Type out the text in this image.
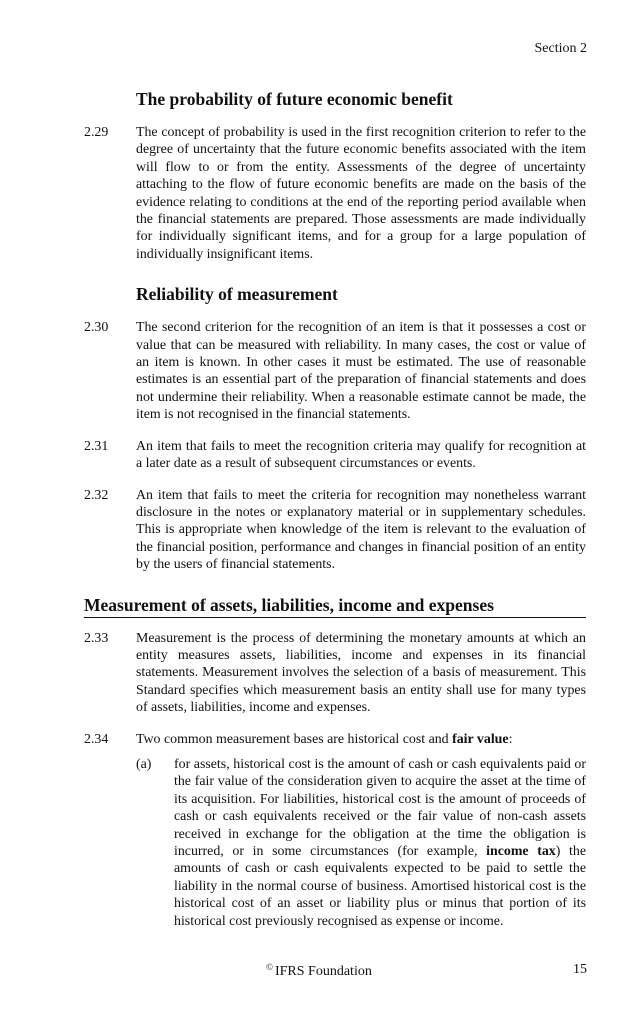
Section 2
The probability of future economic benefit

2.29 The concept of probability is used in the first recognition criterion to refer to the degree of uncertainty that the future economic benefits associated with the item will flow to or from the entity. Assessments of the degree of uncertainty attaching to the flow of future economic benefits are made on the basis of the evidence relating to conditions at the end of the reporting period available when the financial statements are prepared. Those assessments are made individually for individually significant items, and for a group for a large population of individually insignificant items.

Reliability of measurement

2.30 The second criterion for the recognition of an item is that it possesses a cost or value that can be measured with reliability. In many cases, the cost or value of an item is known. In other cases it must be estimated. The use of reasonable estimates is an essential part of the preparation of financial statements and does not undermine their reliability. When a reasonable estimate cannot be made, the item is not recognised in the financial statements.

2.31 An item that fails to meet the recognition criteria may qualify for recognition at a later date as a result of subsequent circumstances or events.

2.32 An item that fails to meet the criteria for recognition may nonetheless warrant disclosure in the notes or explanatory material or in supplementary schedules. This is appropriate when knowledge of the item is relevant to the evaluation of the financial position, performance and changes in financial position of an entity by the users of financial statements.

Measurement of assets, liabilities, income and expenses

2.33 Measurement is the process of determining the monetary amounts at which an entity measures assets, liabilities, income and expenses in its financial statements. Measurement involves the selection of a basis of measurement. This Standard specifies which measurement basis an entity shall use for many types of assets, liabilities, income and expenses.

2.34 Two common measurement bases are historical cost and fair value:

(a) for assets, historical cost is the amount of cash or cash equivalents paid or the fair value of the consideration given to acquire the asset at the time of its acquisition. For liabilities, historical cost is the amount of proceeds of cash or cash equivalents received or the fair value of non-cash assets received in exchange for the obligation at the time the obligation is incurred, or in some circumstances (for example, income tax) the amounts of cash or cash equivalents expected to be paid to settle the liability in the normal course of business. Amortised historical cost is the historical cost of an asset or liability plus or minus that portion of its historical cost previously recognised as expense or income.

© IFRS Foundation	15
